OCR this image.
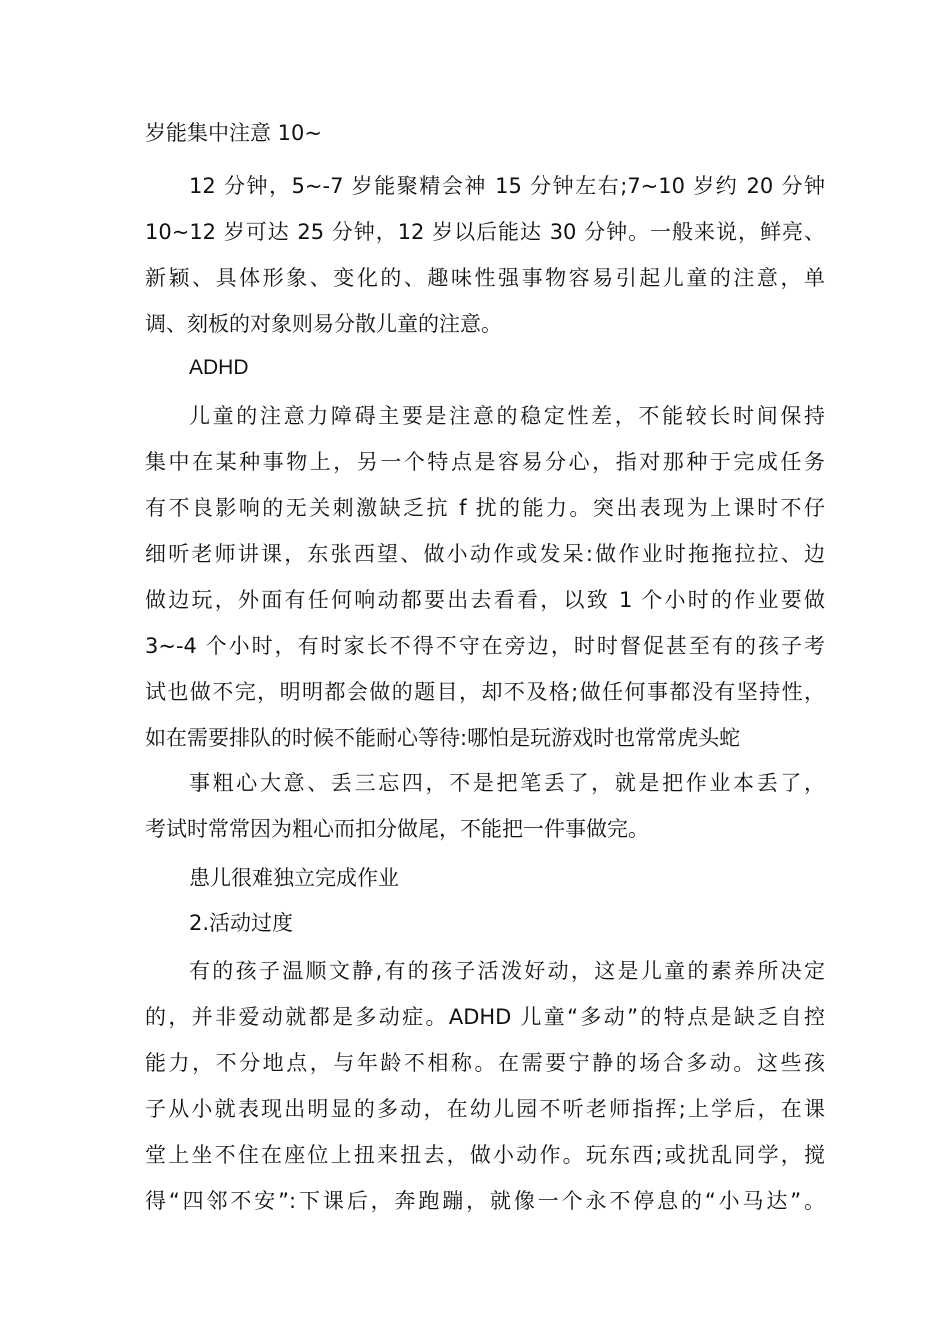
岁能集中注意 10~
12 分钟，5~-7 岁能聚精会神 15 分钟左右;7~10 岁约 20 分钟
10~12 岁可达 25 分钟，12 岁以后能达 30 分钟。一般来说，鲜亮、
新颖、具体形象、变化的、趣味性强事物容易引起儿童的注意，单
调、刻板的对象则易分散儿童的注意。
ADHD
儿童的注意力障碍主要是注意的稳定性差，不能较长时间保持
集中在某种事物上，另一个特点是容易分心，指对那种于完成任务
有不良影响的无关刺激缺乏抗 f 扰的能力。突出表现为上课时不仔
细听老师讲课，东张西望、做小动作或发呆:做作业时拖拖拉拉、边
做边玩，外面有任何响动都要出去看看，以致 1 个小时的作业要做
3~-4 个小时，有时家长不得不守在旁边，时时督促甚至有的孩子考
试也做不完，明明都会做的题目，却不及格;做任何事都没有坚持性，
如在需要排队的时候不能耐心等待:哪怕是玩游戏时也常常虎头蛇
事粗心大意、丢三忘四，不是把笔丢了，就是把作业本丢了，
考试时常常因为粗心而扣分做尾，不能把一件事做完。
患儿很难独立完成作业
2.活动过度
有的孩子温顺文静,有的孩子活泼好动，这是儿童的素养所决定
的，并非爱动就都是多动症。ADHD 儿童“多动”的特点是缺乏自控
能力，不分地点，与年龄不相称。在需要宁静的场合多动。这些孩
子从小就表现出明显的多动，在幼儿园不听老师指挥;上学后，在课
堂上坐不住在座位上扭来扭去，做小动作。玩东西;或扰乱同学，搅
得“四邻不安”:下课后，奔跑蹦，就像一个永不停息的“小马达”。
